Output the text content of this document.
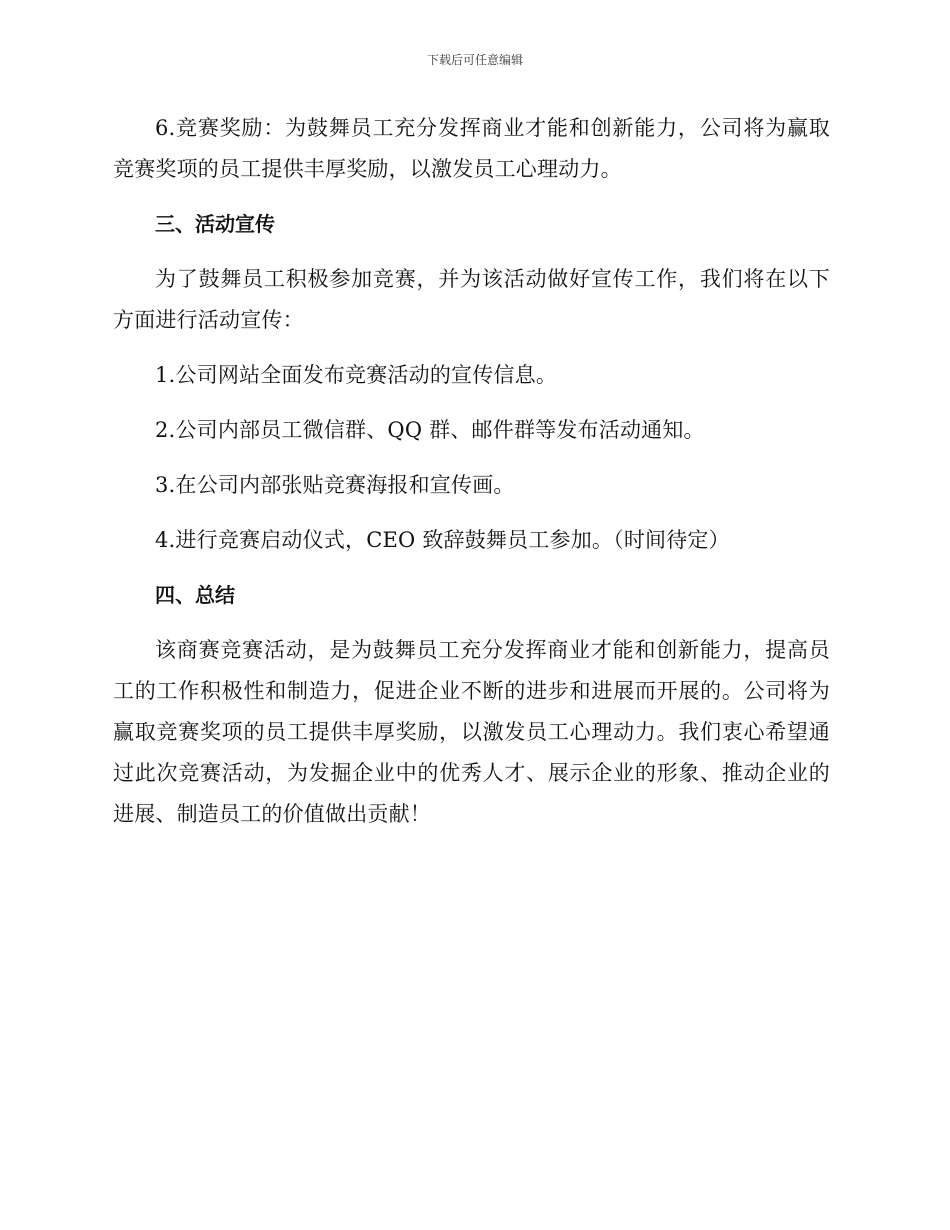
下载后可任意编辑

6.竞赛奖励：为鼓舞员工充分发挥商业才能和创新能力，公司将为赢取竞赛奖项的员工提供丰厚奖励，以激发员工心理动力。

三、活动宣传

为了鼓舞员工积极参加竞赛，并为该活动做好宣传工作，我们将在以下方面进行活动宣传：

1.公司网站全面发布竞赛活动的宣传信息。

2.公司内部员工微信群、QQ 群、邮件群等发布活动通知。

3.在公司内部张贴竞赛海报和宣传画。

4.进行竞赛启动仪式，CEO 致辞鼓舞员工参加。（时间待定）

四、总结

该商赛竞赛活动，是为鼓舞员工充分发挥商业才能和创新能力，提高员工的工作积极性和制造力，促进企业不断的进步和进展而开展的。公司将为赢取竞赛奖项的员工提供丰厚奖励，以激发员工心理动力。我们衷心希望通过此次竞赛活动，为发掘企业中的优秀人才、展示企业的形象、推动企业的进展、制造员工的价值做出贡献！
